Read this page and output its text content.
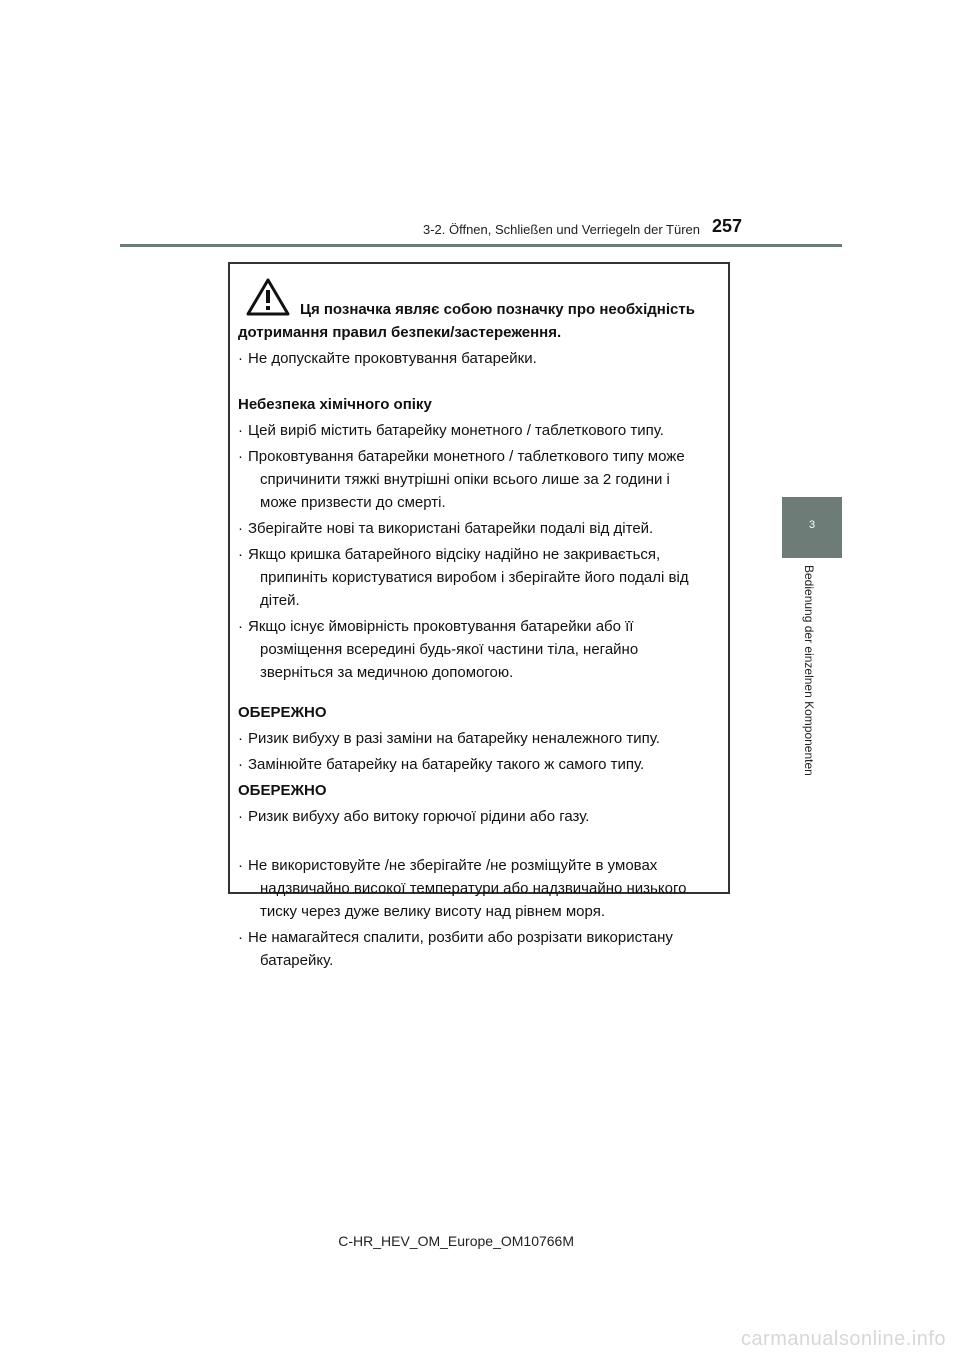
3-2. Öffnen, Schließen und Verriegeln der Türen 257
3
Bedienung der einzelnen Komponenten
Ця позначка являє собою позначку про необхідність
дотримання правил безпеки/застереження.
· Не допускайте проковтування батарейки.
Небезпека хімічного опіку
· Цей виріб містить батарейку монетного / таблеткового типу.
· Проковтування батарейки монетного / таблеткового типу може
спричинити тяжкі внутрішні опіки всього лише за 2 години і
може призвести до смерті.
· Зберігайте нові та використані батарейки подалі від дітей.
· Якщо кришка батарейного відсіку надійно не закривається,
припиніть користуватися виробом і зберігайте його подалі від
дітей.
· Якщо існує ймовірність проковтування батарейки або її
розміщення всередині будь-якої частини тіла, негайно
зверніться за медичною допомогою.
ОБЕРЕЖНО
· Ризик вибуху в разі заміни на батарейку неналежного типу.
· Замінюйте батарейку на батарейку такого ж самого типу.
ОБЕРЕЖНО
· Ризик вибуху або витоку горючої рідини або газу.
· Не використовуйте /не зберігайте /не розміщуйте в умовах
надзвичайно високої температури або надзвичайно низького
тиску через дуже велику висоту над рівнем моря.
· Не намагайтеся спалити, розбити або розрізати використану
батарейку.
C-HR_HEV_OM_Europe_OM10766M
carmanualsonline.info
